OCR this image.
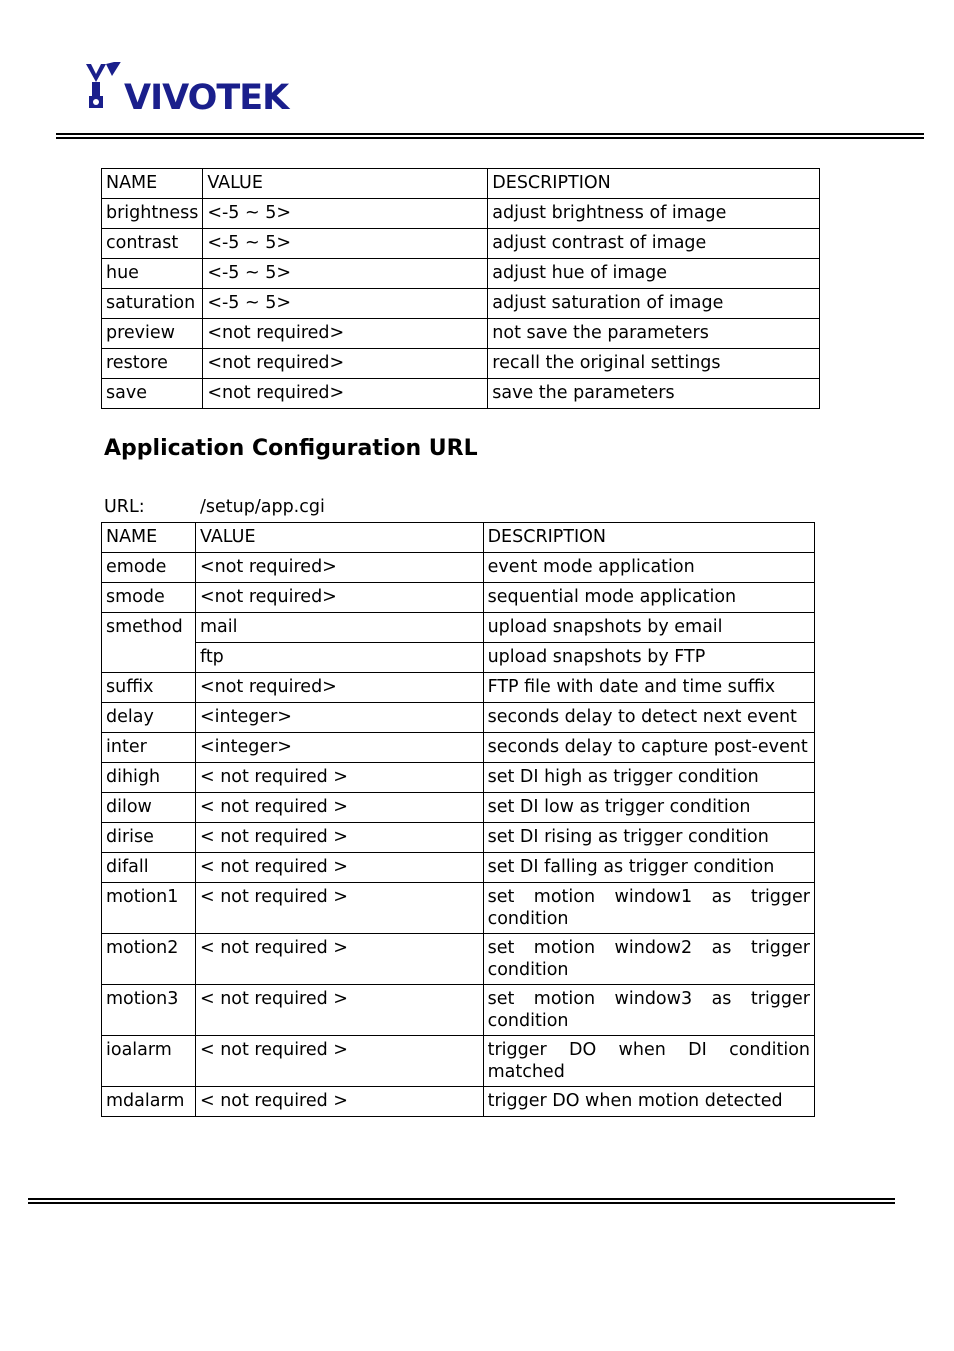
VIVOTEK
NAME	VALUE	DESCRIPTION
brightness	<-5 ~ 5>	adjust brightness of image
contrast	<-5 ~ 5>	adjust contrast of image
hue	<-5 ~ 5>	adjust hue of image
saturation	<-5 ~ 5>	adjust saturation of image
preview	<not required>	not save the parameters
restore	<not required>	recall the original settings
save	<not required>	save the parameters
Application Configuration URL
URL:	/setup/app.cgi
NAME	VALUE	DESCRIPTION
emode	<not required>	event mode application
smode	<not required>	sequential mode application
smethod	mail	upload snapshots by email
	ftp	upload snapshots by FTP
suffix	<not required>	FTP file with date and time suffix
delay	<integer>	seconds delay to detect next event
inter	<integer>	seconds delay to capture post-event
dihigh	< not required >	set DI high as trigger condition
dilow	< not required >	set DI low as trigger condition
dirise	< not required >	set DI rising as trigger condition
difall	< not required >	set DI falling as trigger condition
motion1	< not required >	set motion window1 as trigger condition
motion2	< not required >	set motion window2 as trigger condition
motion3	< not required >	set motion window3 as trigger condition
ioalarm	< not required >	trigger DO when DI condition matched
mdalarm	< not required >	trigger DO when motion detected
